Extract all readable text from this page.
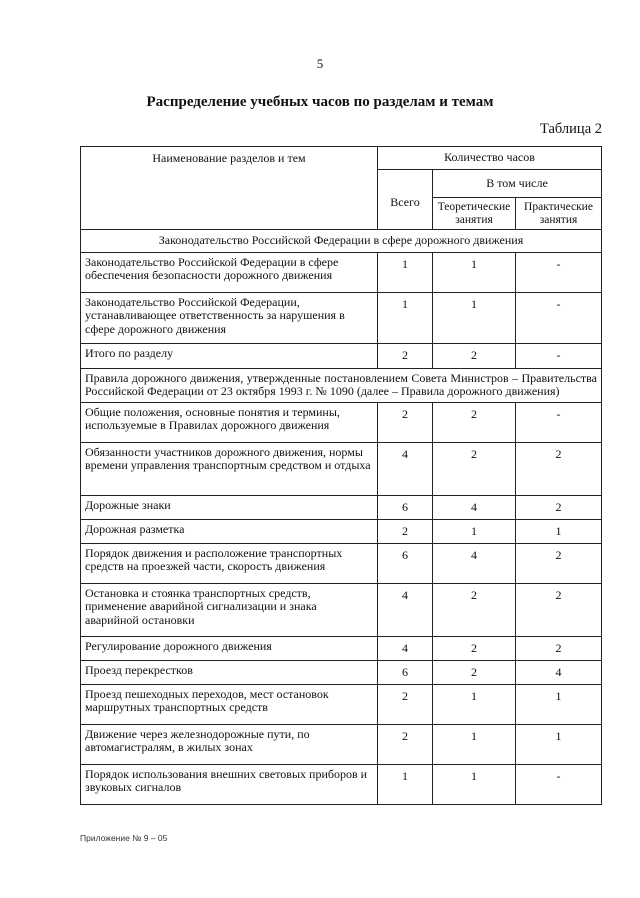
5
Распределение учебных часов по разделам и темам
Таблица 2
Наименование разделов и тем	Количество часов		
	Всего	В том числе	
		Теоретические занятия	Практические занятия
Законодательство Российской Федерации в сфере дорожного движения			
Законодательство Российской Федерации в сфере обеспечения безопасности дорожного движения	1	1	-
Законодательство Российской Федерации, устанавливающее ответственность за нарушения в сфере дорожного движения	1	1	-
Итого по разделу	2	2	-
Правила дорожного движения, утвержденные постановлением Совета Министров – Правительства Российской Федерации от 23 октября 1993 г. № 1090 (далее – Правила дорожного движения)			
Общие положения, основные понятия и термины, используемые в Правилах дорожного движения	2	2	-
Обязанности участников дорожного движения, нормы времени управления транспортным средством и отдыха	4	2	2
Дорожные знаки	6	4	2
Дорожная разметка	2	1	1
Порядок движения и расположение транспортных средств на проезжей части, скорость движения	6	4	2
Остановка и стоянка транспортных средств, применение аварийной сигнализации и знака аварийной остановки	4	2	2
Регулирование дорожного движения	4	2	2
Проезд перекрестков	6	2	4
Проезд пешеходных переходов, мест остановок маршрутных транспортных средств	2	1	1
Движение через железнодорожные пути, по автомагистралям, в жилых зонах	2	1	1
Порядок использования внешних световых приборов и звуковых сигналов	1	1	-
Приложение № 9 – 05
